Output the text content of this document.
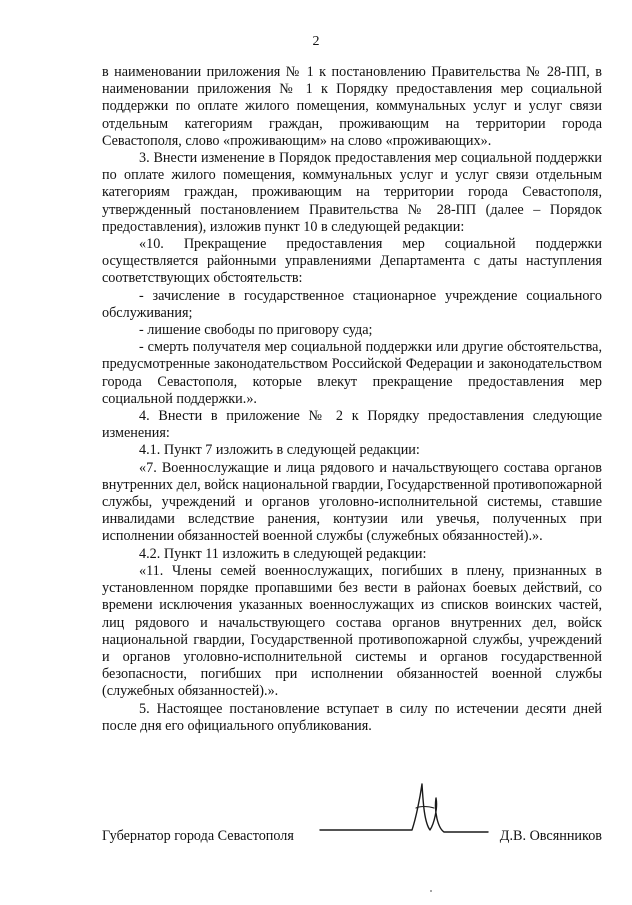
2

в наименовании приложения № 1 к постановлению Правительства № 28-ПП, в наименовании приложения № 1 к Порядку предоставления мер социальной поддержки по оплате жилого помещения, коммунальных услуг и услуг связи отдельным категориям граждан, проживающим на территории города Севастополя, слово «проживающим» на слово «проживающих».

3. Внести изменение в Порядок предоставления мер социальной поддержки по оплате жилого помещения, коммунальных услуг и услуг связи отдельным категориям граждан, проживающим на территории города Севастополя, утвержденный постановлением Правительства № 28-ПП (далее – Порядок предоставления), изложив пункт 10 в следующей редакции:

«10. Прекращение предоставления мер социальной поддержки осуществляется районными управлениями Департамента с даты наступления соответствующих обстоятельств:

- зачисление в государственное стационарное учреждение социального обслуживания;

- лишение свободы по приговору суда;

- смерть получателя мер социальной поддержки или другие обстоятельства, предусмотренные законодательством Российской Федерации и законодательством города Севастополя, которые влекут прекращение предоставления мер социальной поддержки.».

4. Внести в приложение № 2 к Порядку предоставления следующие изменения:

4.1. Пункт 7 изложить в следующей редакции:

«7. Военнослужащие и лица рядового и начальствующего состава органов внутренних дел, войск национальной гвардии, Государственной противопожарной службы, учреждений и органов уголовно-исполнительной системы, ставшие инвалидами вследствие ранения, контузии или увечья, полученных при исполнении обязанностей военной службы (служебных обязанностей).».

4.2. Пункт 11 изложить в следующей редакции:

«11. Члены семей военнослужащих, погибших в плену, признанных в установленном порядке пропавшими без вести в районах боевых действий, со времени исключения указанных военнослужащих из списков воинских частей, лиц рядового и начальствующего состава органов внутренних дел, войск национальной гвардии, Государственной противопожарной службы, учреждений и органов уголовно-исполнительной системы и органов государственной безопасности, погибших при исполнении обязанностей военной службы (служебных обязанностей).».

5. Настоящее постановление вступает в силу по истечении десяти дней после дня его официального опубликования.

Губернатор города Севастополя	Д.В. Овсянников
